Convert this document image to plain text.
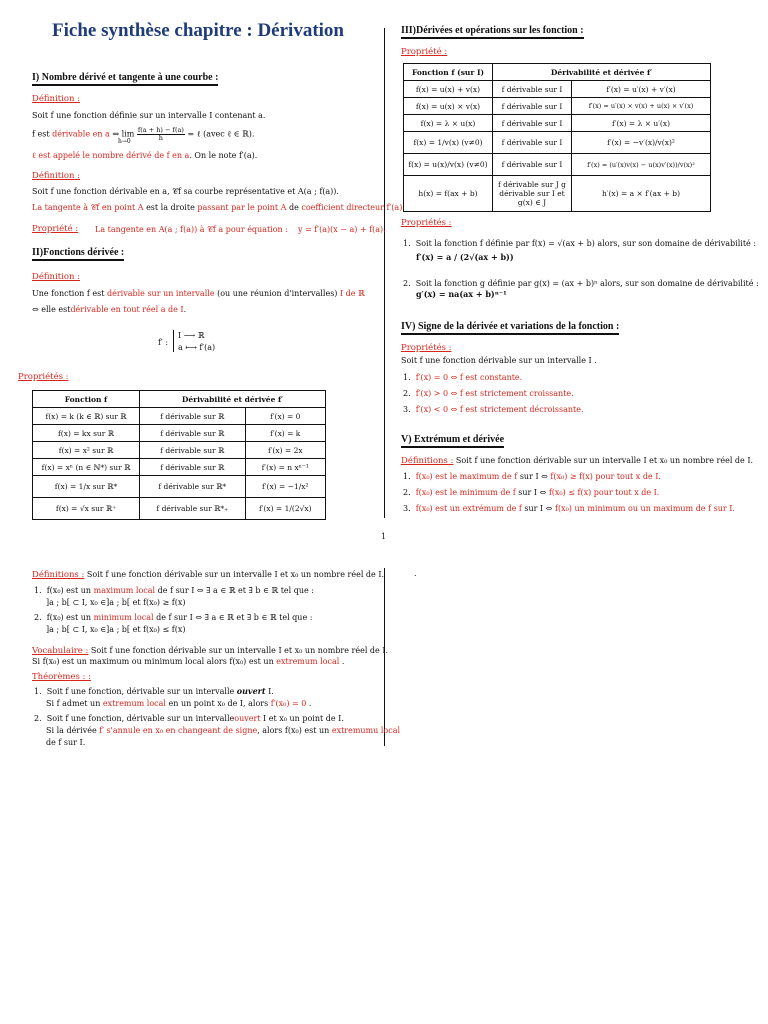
Fiche synthèse chapitre : Dérivation
I) Nombre dérivé et tangente à une courbe :
Définition :
Soit f une fonction définie sur un intervalle I contenant a.
f est dérivable en a ⇔ $\lim \frac{f(a + h) - f(a)}{h}$ = ℓ (avec ℓ ∈ ℝ).
h→0
ℓ est appelé le nombre dérivé de f en a. On le note f′(a).
Définition :
Soit f une fonction dérivable en a, 𝒞f sa courbe représentative et A(a ; f(a)).
La tangente à 𝒞f en point A est la droite passant par le point A de coefficient directeur f′(a).
Propriété : La tangente en A(a ; f(a)) à 𝒞f a pour équation : y = f′(a)(x − a) + f(a).
II)Fonctions dérivée :
Définition :
Une fonction f est dérivable sur un intervalle (ou une réunion d'intervalles) I de ℝ
⇔ elle estdérivable en tout réel a de I.
f′ :
I ⟶ ℝ
a ⟼ f′(a)
Propriétés :
Fonction f	Dérivabilité et dérivée f′	
f(x) = k (k ∈ ℝ) sur ℝ	f dérivable sur ℝ	f′(x) = 0
f(x) = kx sur ℝ	f dérivable sur ℝ	f′(x) = k
f(x) = x² sur ℝ	f dérivable sur ℝ	f′(x) = 2x
f(x) = xⁿ (n ∈ ℕ*) sur ℝ	f dérivable sur ℝ	f′(x) = n xⁿ⁻¹
f(x) = 1/x sur ℝ*	f dérivable sur ℝ*	f′(x) = −1/x²
f(x) = √x sur ℝ⁺	f dérivable sur ℝ*₊	f′(x) = 1/(2√x)
III)Dérivées et opérations sur les fonction :
Propriété :
Fonction f (sur I)	Dérivabilité et dérivée f′	
f(x) = u(x) + v(x)	f dérivable sur I	f′(x) = u′(x) + v′(x)
f(x) = u(x) × v(x)	f dérivable sur I	f′(x) = u′(x) × v(x) + u(x) × v′(x)
f(x) = λ × u(x)	f dérivable sur I	f′(x) = λ × u′(x)
f(x) = 1/v(x) (v≠0)	f dérivable sur I	f′(x) = −v′(x)/v(x)²
f(x) = u(x)/v(x) (v≠0)	f dérivable sur I	f′(x) = (u′(x)v(x) − u(x)v′(x))/v(x)²
h(x) = f(ax + b)	f dérivable sur J g dérivable sur I et g(x) ∈ J	h′(x) = a × f′(ax + b)
Propriétés :
1.  Soit la fonction f définie par f(x) = √(ax + b) alors, sur son domaine de dérivabilité :
f′(x) = a / (2√(ax + b))
2.  Soit la fonction g définie par g(x) = (ax + b)ⁿ alors, sur son domaine de dérivabilité :
g′(x) = na(ax + b)ⁿ⁻¹
IV) Signe de la dérivée et variations de la fonction :
Propriétés :
Soit f une fonction dérivable sur un intervalle I .
1.  f′(x) = 0 ⇔ f est constante.
2.  f′(x) > 0 ⇔ f est strictement croissante.
3.  f′(x) < 0 ⇔ f est strictement décroissante.
V) Extrémum et dérivée
Définitions : Soit f une fonction dérivable sur un intervalle I et x₀ un nombre réel de I.
1.  f(x₀) est le maximum de f sur I ⇔ f(x₀) ≥ f(x) pour tout x de I.
2.  f(x₀) est le minimum de f sur I ⇔ f(x₀) ≤ f(x) pour tout x de I.
3.  f(x₀) est un extrémum de f sur I ⇔ f(x₀) un minimum ou un maximum de f sur I.
1
.
Définitions : Soit f une fonction dérivable sur un intervalle I et x₀ un nombre réel de I.
1.  f(x₀) est un maximum local de f sur I ⇔ ∃ a ∈ ℝ et ∃ b ∈ ℝ tel que :
]a ; b[ ⊂ I, x₀ ∈]a ; b[ et f(x₀) ≥ f(x)
2.  f(x₀) est un minimum local de f sur I ⇔ ∃ a ∈ ℝ et ∃ b ∈ ℝ tel que :
]a ; b[ ⊂ I, x₀ ∈]a ; b[ et f(x₀) ≤ f(x)
Vocabulaire : Soit f une fonction dérivable sur un intervalle I et x₀ un nombre réel de I.
Si f(x₀) est un maximum ou minimum local alors f(x₀) est un extremum local .
Théorèmes : :
1.  Soit f une fonction, dérivable sur un intervalle ouvert I.
Si f admet un extremum local en un point x₀ de I, alors f′(x₀) = 0 .
2.  Soit f une fonction, dérivable sur un intervalleouvert I et x₀ un point de I.
Si la dérivée f′ s'annule en x₀ en changeant de signe, alors f(x₀) est un extremumu local
de f sur I.
